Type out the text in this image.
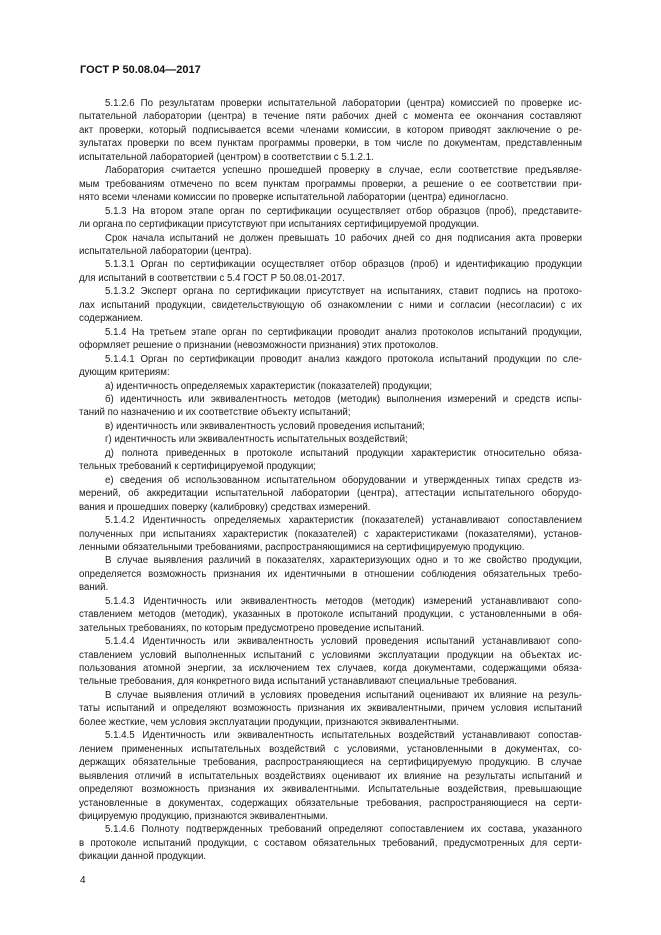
ГОСТ Р 50.08.04—2017
5.1.2.6 По результатам проверки испытательной лаборатории (центра) комиссией по проверке ис-
пытательной лаборатории (центра) в течение пяти рабочих дней с момента ее окончания составляют
акт проверки, который подписывается всеми членами комиссии, в котором приводят заключение о ре-
зультатах проверки по всем пунктам программы проверки, в том числе по документам, представленным
испытательной лабораторией (центром) в соответствии с 5.1.2.1.
Лаборатория считается успешно прошедшей проверку в случае, если соответствие предъявляе-
мым требованиям отмечено по всем пунктам программы проверки, а решение о ее соответствии при-
нято всеми членами комиссии по проверке испытательной лаборатории (центра) единогласно.
5.1.3 На втором этапе орган по сертификации осуществляет отбор образцов (проб), представите-
ли органа по сертификации присутствуют при испытаниях сертифицируемой продукции.
Срок начала испытаний не должен превышать 10 рабочих дней со дня подписания акта проверки
испытательной лаборатории (центра).
5.1.3.1 Орган по сертификации осуществляет отбор образцов (проб) и идентификацию продукции
для испытаний в соответствии с 5.4 ГОСТ Р 50.08.01-2017.
5.1.3.2 Эксперт органа по сертификации присутствует на испытаниях, ставит подпись на протоко-
лах испытаний продукции, свидетельствующую об ознакомлении с ними и согласии (несогласии) с их
содержанием.
5.1.4 На третьем этапе орган по сертификации проводит анализ протоколов испытаний продукции,
оформляет решение о признании (невозможности признания) этих протоколов.
5.1.4.1 Орган по сертификации проводит анализ каждого протокола испытаний продукции по сле-
дующим критериям:
а) идентичность определяемых характеристик (показателей) продукции;
б) идентичность или эквивалентность методов (методик) выполнения измерений и средств испы-
таний по назначению и их соответствие объекту испытаний;
в) идентичность или эквивалентность условий проведения испытаний;
г) идентичность или эквивалентность испытательных воздействий;
д) полнота приведенных в протоколе испытаний продукции характеристик относительно обяза-
тельных требований к сертифицируемой продукции;
е) сведения об использованном испытательном оборудовании и утвержденных типах средств из-
мерений, об аккредитации испытательной лаборатории (центра), аттестации испытательного оборудо-
вания и прошедших поверку (калибровку) средствах измерений.
5.1.4.2 Идентичность определяемых характеристик (показателей) устанавливают сопоставлением
полученных при испытаниях характеристик (показателей) с характеристиками (показателями), установ-
ленными обязательными требованиями, распространяющимися на сертифицируемую продукцию.
В случае выявления различий в показателях, характеризующих одно и то же свойство продукции,
определяется возможность признания их идентичными в отношении соблюдения обязательных требо-
ваний.
5.1.4.3 Идентичность или эквивалентность методов (методик) измерений устанавливают сопо-
ставлением методов (методик), указанных в протоколе испытаний продукции, с установленными в обя-
зательных требованиях, по которым предусмотрено проведение испытаний.
5.1.4.4 Идентичность или эквивалентность условий проведения испытаний устанавливают сопо-
ставлением условий выполненных испытаний с условиями эксплуатации продукции на объектах ис-
пользования атомной энергии, за исключением тех случаев, когда документами, содержащими обяза-
тельные требования, для конкретного вида испытаний устанавливают специальные требования.
В случае выявления отличий в условиях проведения испытаний оценивают их влияние на резуль-
таты испытаний и определяют возможность признания их эквивалентными, причем условия испытаний
более жесткие, чем условия эксплуатации продукции, признаются эквивалентными.
5.1.4.5 Идентичность или эквивалентность испытательных воздействий устанавливают сопостав-
лением примененных испытательных воздействий с условиями, установленными в документах, со-
держащих обязательные требования, распространяющиеся на сертифицируемую продукцию. В случае
выявления отличий в испытательных воздействиях оценивают их влияние на результаты испытаний и
определяют возможность признания их эквивалентными. Испытательные воздействия, превышающие
установленные в документах, содержащих обязательные требования, распространяющиеся на серти-
фицируемую продукцию, признаются эквивалентными.
5.1.4.6 Полноту подтвержденных требований определяют сопоставлением их состава, указанного
в протоколе испытаний продукции, с составом обязательных требований, предусмотренных для серти-
фикации данной продукции.
4
